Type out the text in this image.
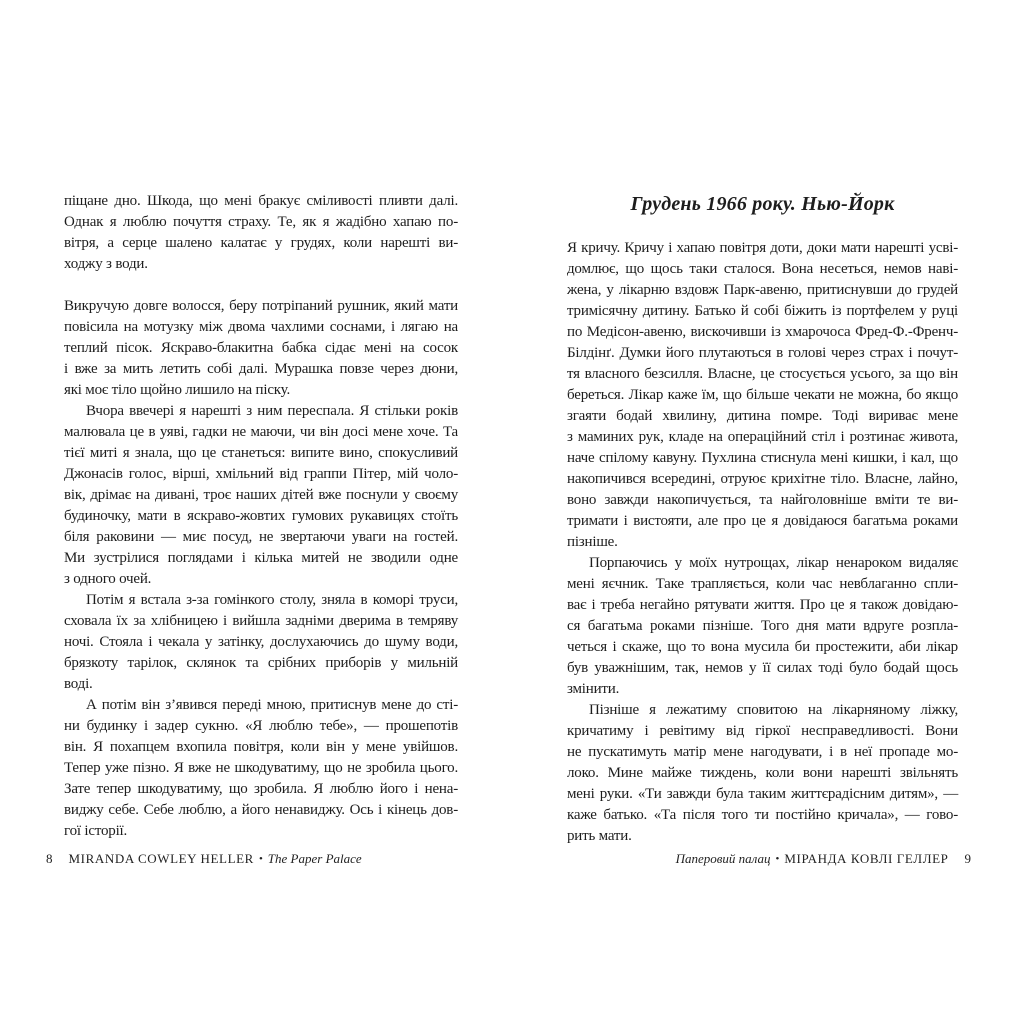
піщане дно. Шкода, що мені бракує сміливості пливти далі.
Однак я люблю почуття страху. Те, як я жадібно хапаю по-
вітря, а серце шалено калатає у грудях, коли нарешті ви-
ходжу з води.
Викручую довге волосся, беру потріпаний рушник, який мати
повісила на мотузку між двома чахлими соснами, і лягаю на
теплий пісок. Яскраво-блакитна бабка сідає мені на сосок
і вже за мить летить собі далі. Мурашка повзе через дюни,
які моє тіло щойно лишило на піску.
Вчора ввечері я нарешті з ним переспала. Я стільки років
малювала це в уяві, гадки не маючи, чи він досі мене хоче. Та
тієї миті я знала, що це станеться: випите вино, спокусливий
Джонасів голос, вірші, хмільний від граппи Пітер, мій чоло-
вік, дрімає на дивані, троє наших дітей вже поснули у своєму
будиночку, мати в яскраво-жовтих гумових рукавицях стоїть
біля раковини — миє посуд, не звертаючи уваги на гостей.
Ми зустрілися поглядами і кілька митей не зводили одне
з одного очей.
Потім я встала з-за гомінкого столу, зняла в коморі труси,
сховала їх за хлібницею і вийшла задніми дверима в темряву
ночі. Стояла і чекала у затінку, дослухаючись до шуму води,
брязкоту тарілок, склянок та срібних приборів у мильній
воді.
А потім він з’явився переді мною, притиснув мене до сті-
ни будинку і задер сукню. «Я люблю тебе», — прошепотів
він. Я похапцем вхопила повітря, коли він у мене увійшов.
Тепер уже пізно. Я вже не шкодуватиму, що не зробила цього.
Зате тепер шкодуватиму, що зробила. Я люблю його і нена-
виджу себе. Себе люблю, а його ненавиджу. Ось і кінець дов-
гої історії.
Грудень 1966 року. Нью-Йорк
Я кричу. Кричу і хапаю повітря доти, доки мати нарешті усві-
домлює, що щось таки сталося. Вона несеться, немов наві-
жена, у лікарню вздовж Парк-авеню, притиснувши до грудей
тримісячну дитину. Батько й собі біжить із портфелем у руці
по Медісон-авеню, вискочивши із хмарочоса Фред-Ф.-Френч-
Білдінґ. Думки його плутаються в голові через страх і почут-
тя власного безсилля. Власне, це стосується усього, за що він
береться. Лікар каже їм, що більше чекати не можна, бо якщо
згаяти бодай хвилину, дитина помре. Тоді вириває мене
з маминих рук, кладе на операційний стіл і розтинає живота,
наче спілому кавуну. Пухлина стиснула мені кишки, і кал, що
накопичився всередині, отруює крихітне тіло. Власне, лайно,
воно завжди накопичується, та найголовніше вміти те ви-
тримати і вистояти, але про це я довідаюся багатьма роками
пізніше.
Порпаючись у моїх нутрощах, лікар ненароком видаляє
мені яєчник. Таке трапляється, коли час невблаганно спли-
ває і треба негайно рятувати життя. Про це я також довідаю-
ся багатьма роками пізніше. Того дня мати вдруге розпла-
четься і скаже, що то вона мусила би простежити, аби лікар
був уважнішим, так, немов у її силах тоді було бодай щось
змінити.
Пізніше я лежатиму сповитою на лікарняному ліжку,
кричатиму і ревітиму від гіркої несправедливості. Вони
не пускатимуть матір мене нагодувати, і в неї пропаде мо-
локо. Мине майже тиждень, коли вони нарешті звільнять
мені руки. «Ти завжди була таким життєрадісним дитям», —
каже батько. «Та після того ти постійно кричала», — гово-
рить мати.
8 MIRANDA COWLEY HELLER • The Paper Palace	Паперовий палац • МІРАНДА КОВЛІ ГЕЛЛЕР 9
